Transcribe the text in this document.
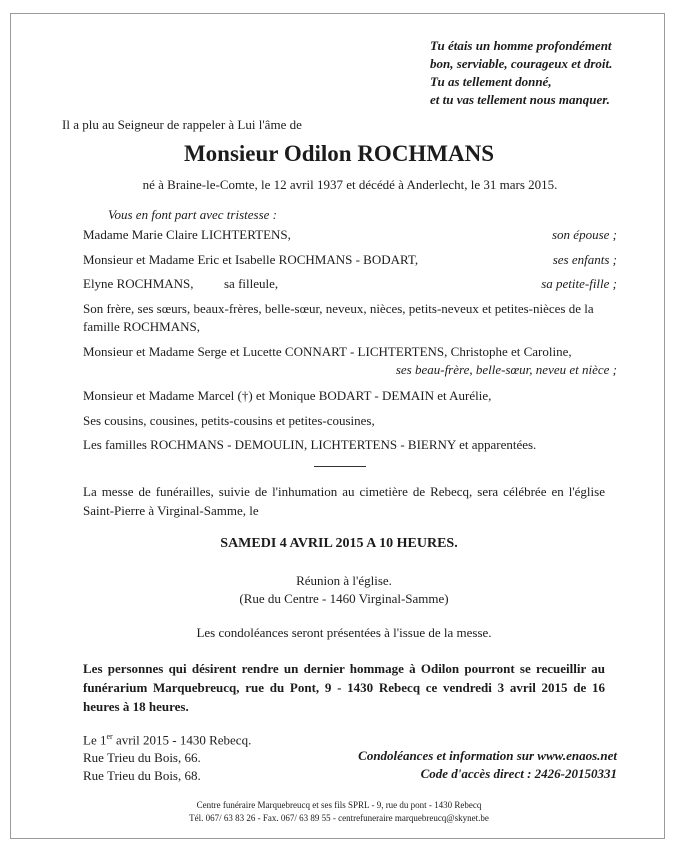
Tu étais un homme profondément
bon, serviable, courageux et droit.
Tu as tellement donné,
et tu vas tellement nous manquer.
Il a plu au Seigneur de rappeler à Lui l'âme de
Monsieur Odilon ROCHMANS
né à Braine-le-Comte, le 12 avril 1937 et décédé à Anderlecht, le 31 mars 2015.
Vous en font part avec tristesse :
Madame Marie Claire LICHTERTENS,	son épouse ;
Monsieur et Madame Eric et Isabelle ROCHMANS - BODART,	ses enfants ;
Elyne ROCHMANS, sa filleule,	sa petite-fille ;
Son frère, ses sœurs, beaux-frères, belle-sœur, neveux, nièces, petits-neveux et petites-nièces de la
famille ROCHMANS,
Monsieur et Madame Serge et Lucette CONNART - LICHTERTENS, Christophe et Caroline,
ses beau-frère, belle-sœur, neveu et nièce ;
Monsieur et Madame Marcel (†) et Monique BODART - DEMAIN et Aurélie,
Ses cousins, cousines, petits-cousins et petites-cousines,
Les familles ROCHMANS - DEMOULIN, LICHTERTENS - BIERNY et apparentées.
La messe de funérailles, suivie de l'inhumation au cimetière de Rebecq, sera célébrée en l'église Saint-Pierre à Virginal-Samme, le
SAMEDI 4 AVRIL 2015 A 10 HEURES.
Réunion à l'église.
(Rue du Centre - 1460 Virginal-Samme)
Les condoléances seront présentées à l'issue de la messe.
Les personnes qui désirent rendre un dernier hommage à Odilon pourront se recueillir au funérarium Marquebreucq, rue du Pont, 9 - 1430 Rebecq ce vendredi 3 avril 2015 de 16 heures à 18 heures.
Le 1er avril 2015 - 1430 Rebecq.
Rue Trieu du Bois, 66.
Rue Trieu du Bois, 68.
Condoléances et information sur www.enaos.net
Code d'accès direct : 2426-20150331
Centre funéraire Marquebreucq et ses fils SPRL - 9, rue du pont - 1430 Rebecq
Tél. 067/ 63 83 26 - Fax. 067/ 63 89 55 - centrefuneraire marquebreucq@skynet.be
